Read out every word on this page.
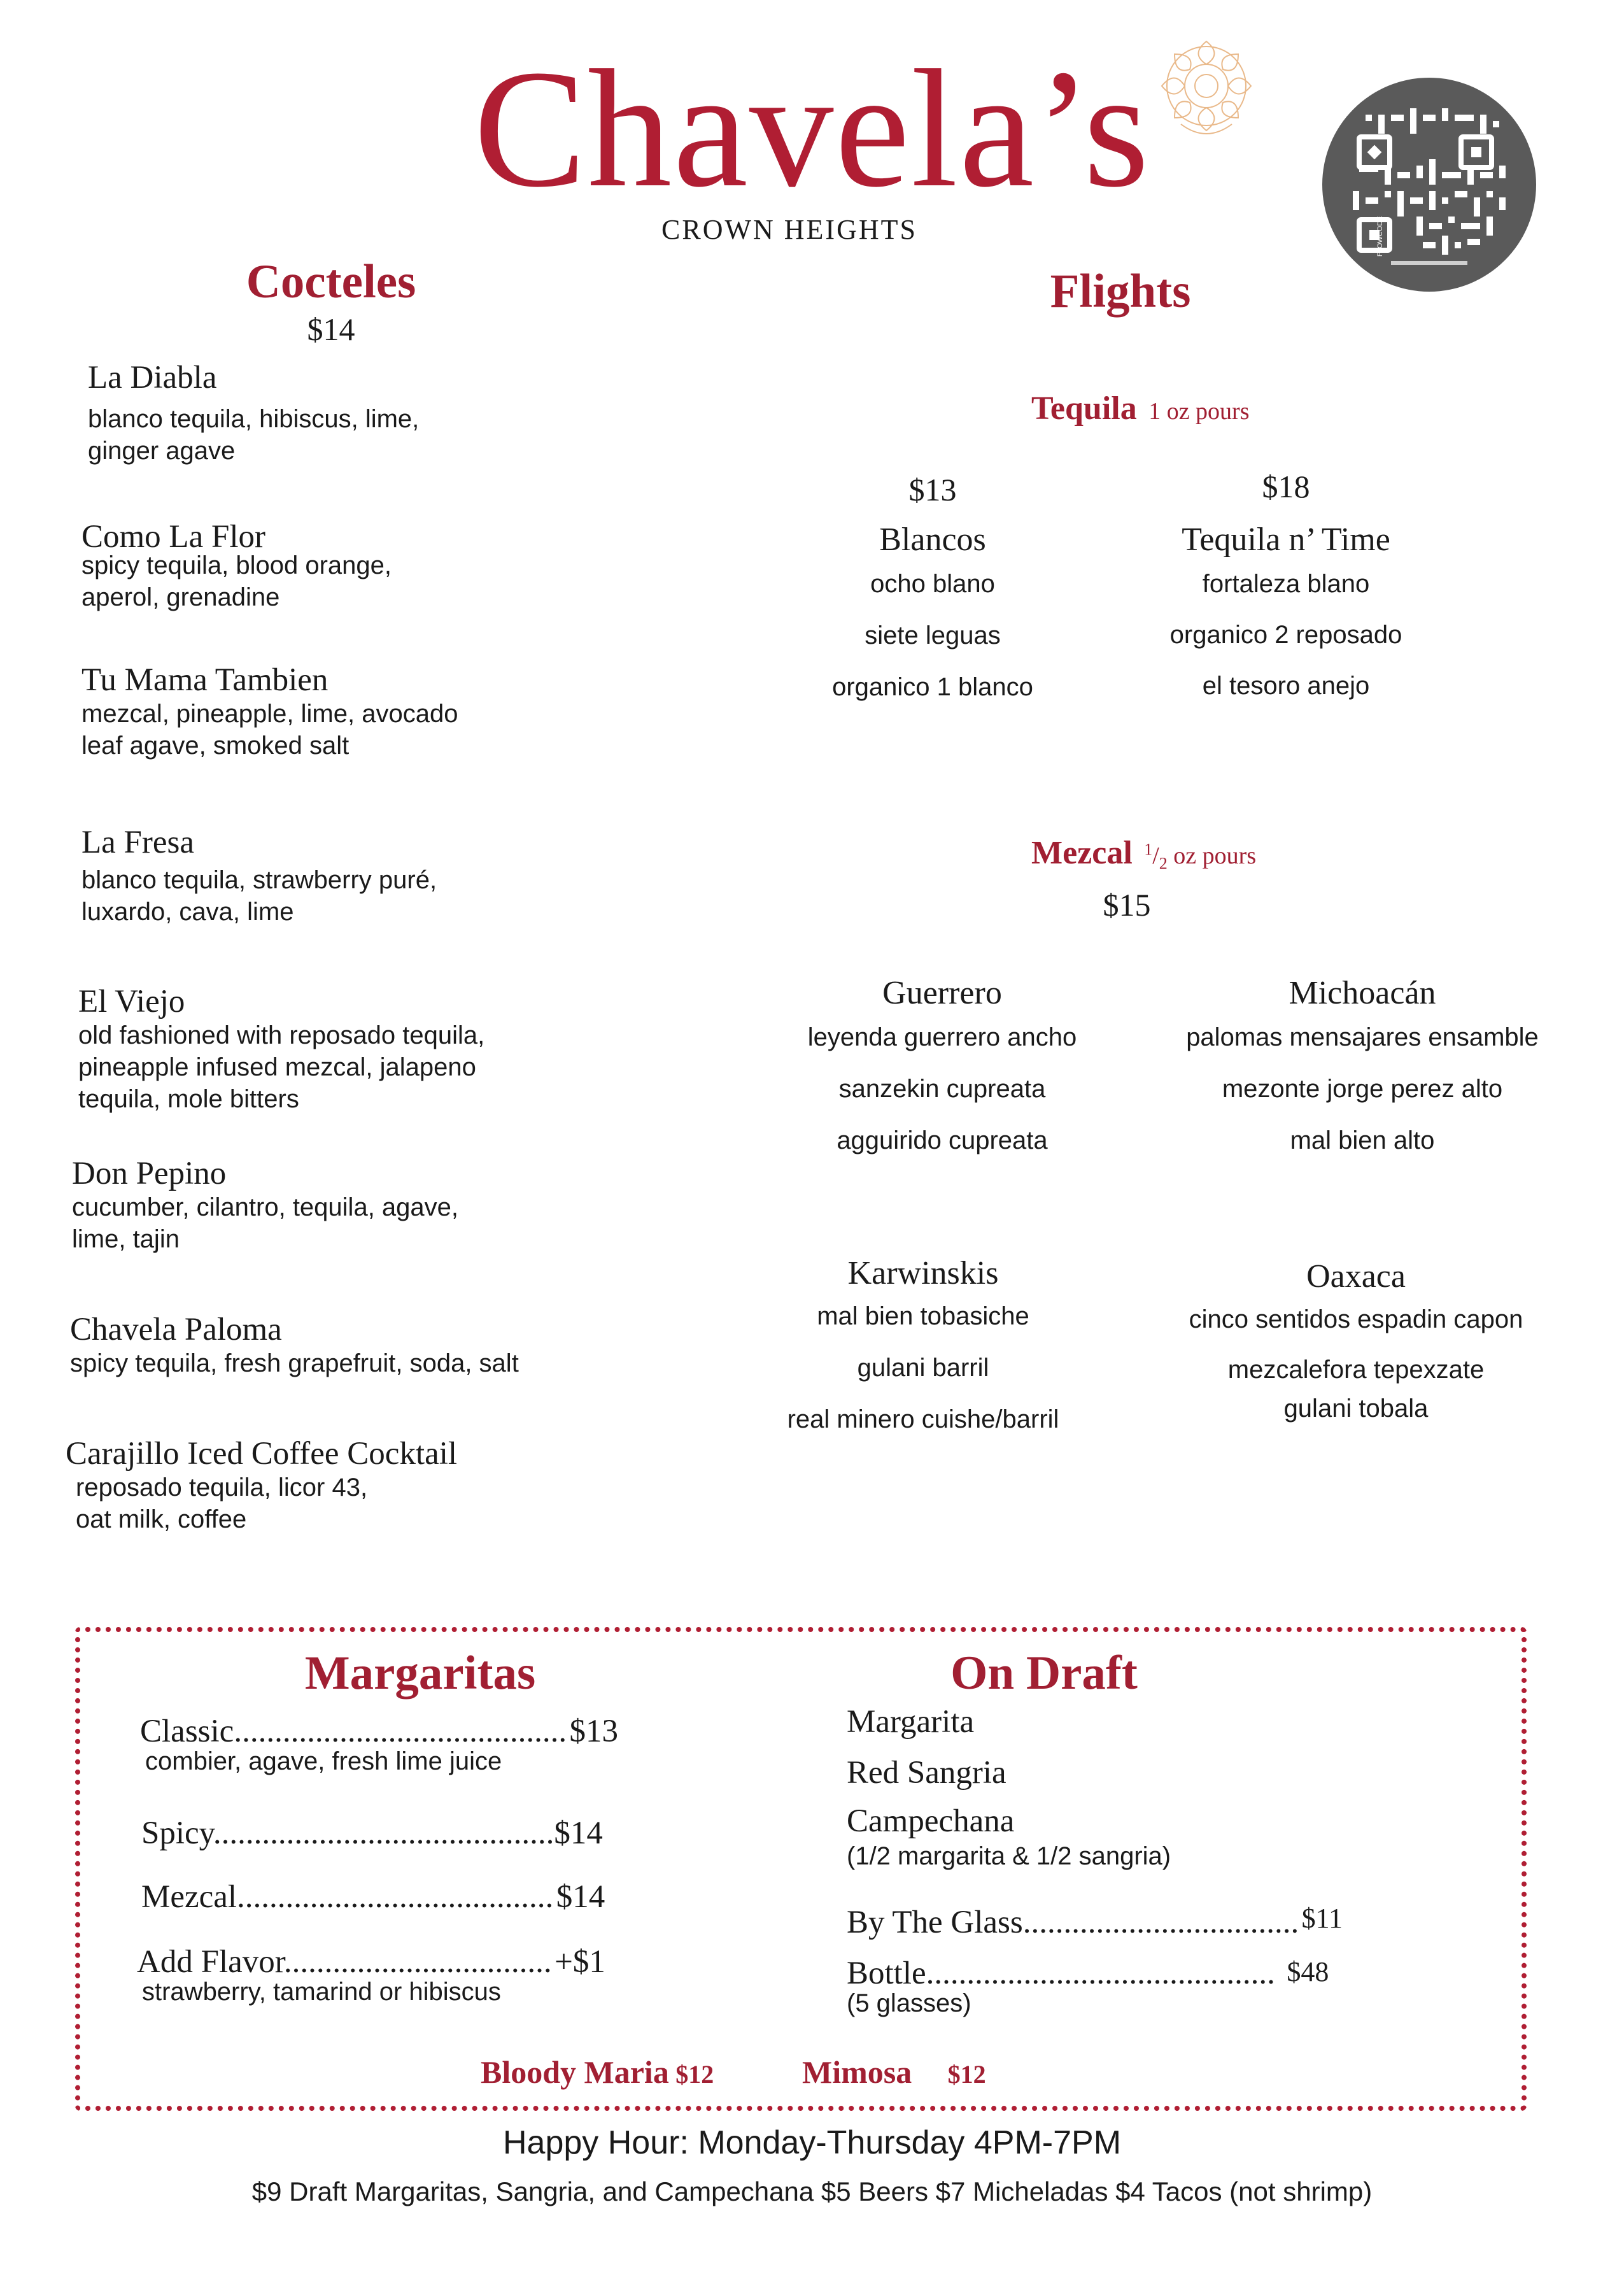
Chavela’s
CROWN HEIGHTS	FLOWCODE
Cocteles
$14
La Diabla
blanco tequila, hibiscus, lime,
ginger agave
Como La Flor
spicy tequila, blood orange,
aperol, grenadine
Tu Mama Tambien
mezcal, pineapple, lime, avocado
leaf agave, smoked salt
La Fresa
blanco tequila, strawberry puré,
luxardo, cava, lime
El Viejo
old fashioned with reposado tequila,
pineapple infused mezcal, jalapeno
tequila, mole bitters
Don Pepino
cucumber, cilantro, tequila, agave,
lime, tajin
Chavela Paloma
spicy tequila, fresh grapefruit, soda, salt
Carajillo Iced Coffee Cocktail
reposado tequila, licor 43,
oat milk, coffee
Flights
Tequila 1 oz pours
$13
Blancos
ocho blano
siete leguas
organico 1 blanco
$18
Tequila n’ Time
fortaleza blano
organico 2 reposado
el tesoro anejo
Mezcal $^1/_2$ oz pours
$15
Guerrero
leyenda guerrero ancho
sanzekin cupreata
agguirido cupreata
Michoacán
palomas mensajares ensamble
mezonte jorge perez alto
mal bien alto
Karwinskis
mal bien tobasiche
gulani barril
real minero cuishe/barril
Oaxaca
cinco sentidos espadin capon
mezcalefora tepexzate
gulani tobala
Margaritas
Classic......................................... $13
combier, agave, fresh lime juice
Spicy..........................................$14
Mezcal....................................... $14
Add Flavor................................. +$1
strawberry, tamarind or hibiscus
On Draft
Margarita
Red Sangria
Campechana
(1/2 margarita & 1/2 sangria)
By The Glass.................................. $11
Bottle........................................... $48
(5 glasses)
Bloody Maria $12	Mimosa $12
Happy Hour: Monday-Thursday 4PM-7PM
$9 Draft Margaritas, Sangria, and Campechana $5 Beers $7 Micheladas $4 Tacos (not shrimp)
